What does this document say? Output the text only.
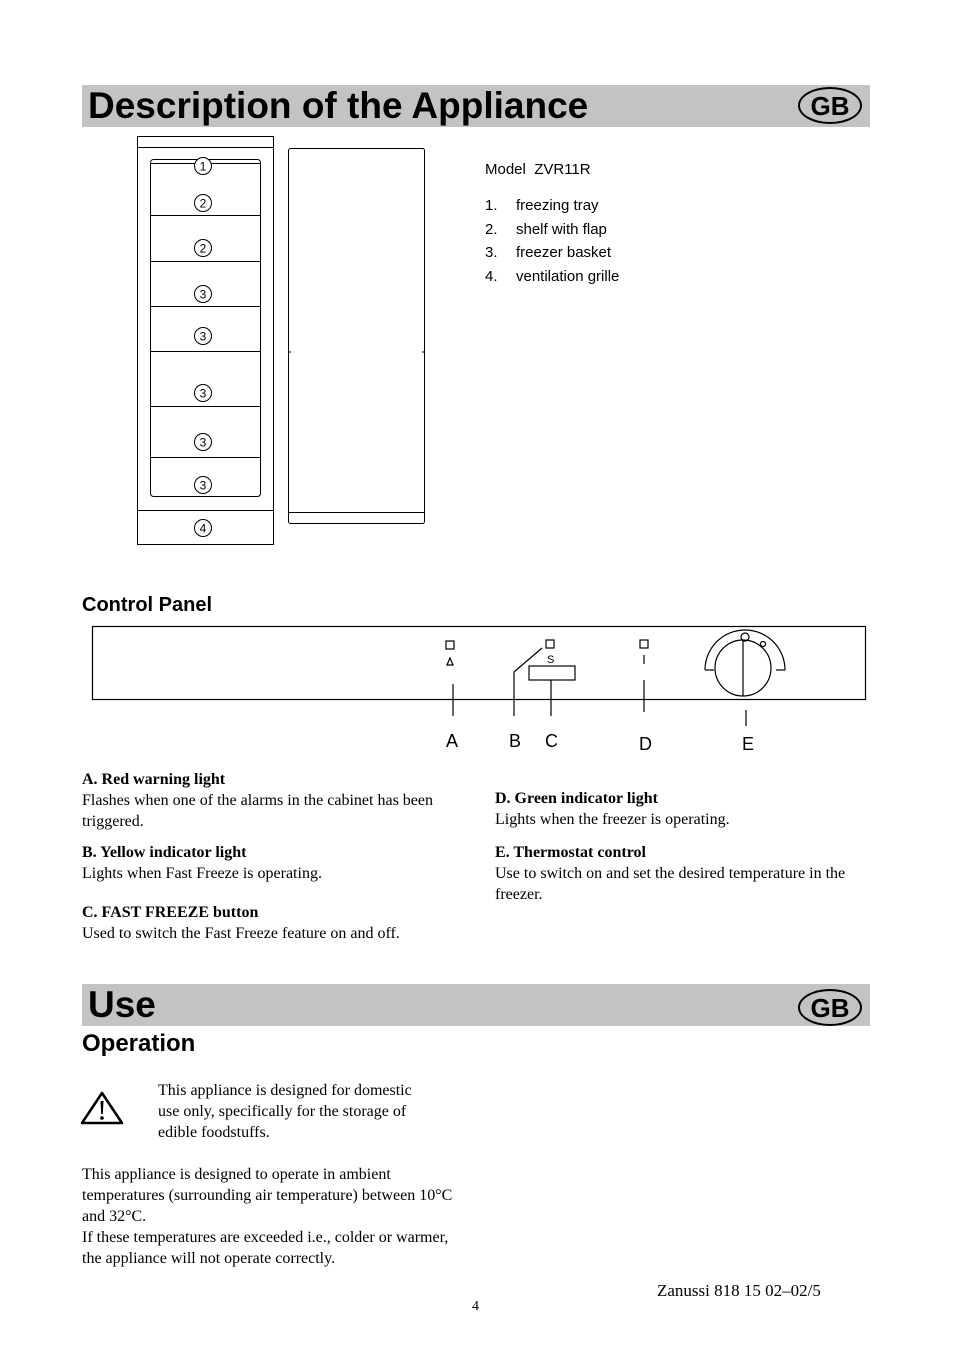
Description of the Appliance	GB
1
2
2
3
3
3
3
3
4
Model  ZVR11R
1. freezing tray
2. shelf with flap
3. freezer basket
4. ventilation grille
Control Panel
S
A	B C	D	E
A. Red warning light
Flashes when one of the alarms in the cabinet has been triggered.
B. Yellow indicator light
Lights when Fast Freeze is operating.
C. FAST FREEZE button
Used to switch the Fast Freeze feature on and off.
D. Green indicator light
Lights when the freezer is operating.
E. Thermostat control
Use to switch on and set the desired temperature in the freezer.
Use	GB
Operation
This appliance is designed for domestic use only, specifically for the storage of edible foodstuffs.
This appliance is designed to operate in ambient temperatures (surrounding air temperature) between 10°C and 32°C.
If these temperatures are exceeded i.e., colder or warmer, the appliance will not operate correctly.
Zanussi 818 15 02–02/5
4
